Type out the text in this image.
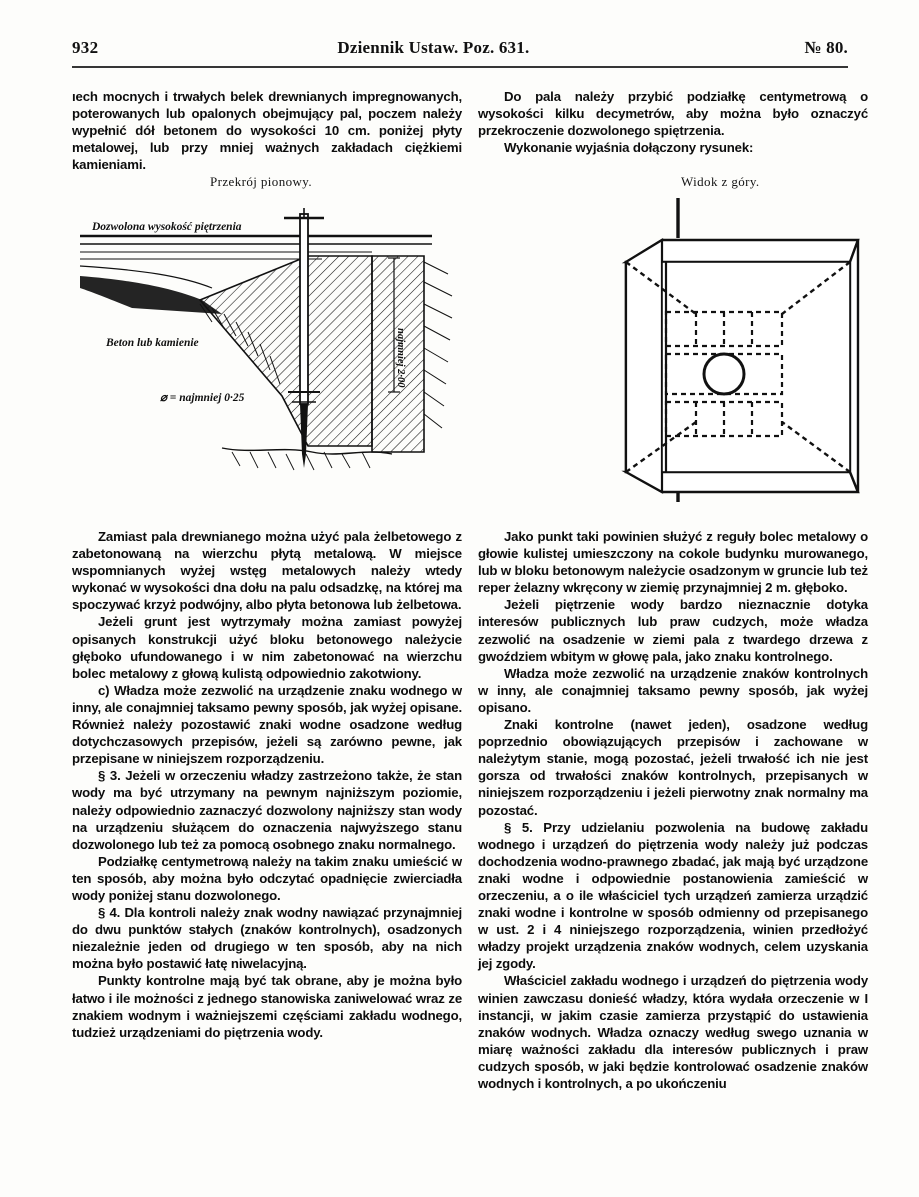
932	Dziennik Ustaw. Poz. 631.	№ 80.

ıech mocnych i trwałych belek drewnianych impregnowanych, poterowanych lub opalonych obejmujący pal, poczem należy wypełnić dół betonem do wysokości 10 cm. poniżej płyty metalowej, lub przy mniej ważnych zakładach ciężkiemi kamieniami.

Do pala należy przybić podziałkę centymetrową o wysokości kilku decymetrów, aby można było oznaczyć przekroczenie dozwolonego spiętrzenia.

Wykonanie wyjaśnia dołączony rysunek:

Przekrój pionowy.	Widok z góry.
Dozwolona wysokość piętrzenia
Beton lub kamienie
⌀ = najmniej 0·25
najmniej 2·00

Zamiast pala drewnianego można użyć pala żelbetowego z zabetonowaną na wierzchu płytą metalową. W miejsce wspomnianych wyżej wstęg metalowych należy wtedy wykonać w wysokości dna dołu na palu odsadzkę, na której ma spoczywać krzyż podwójny, albo płyta betonowa lub żelbetowa.

Jeżeli grunt jest wytrzymały można zamiast powyżej opisanych konstrukcji użyć bloku betonowego należycie głęboko ufundowanego i w nim zabetonować na wierzchu bolec metalowy z głową kulistą odpowiednio zakotwiony.

c) Władza może zezwolić na urządzenie znaku wodnego w inny, ale conajmniej taksamo pewny sposób, jak wyżej opisane. Również należy pozostawić znaki wodne osadzone według dotychczasowych przepisów, jeżeli są zarówno pewne, jak przepisane w niniejszem rozporządzeniu.

§ 3. Jeżeli w orzeczeniu władzy zastrzeżono także, że stan wody ma być utrzymany na pewnym najniższym poziomie, należy odpowiednio zaznaczyć dozwolony najniższy stan wody na urządzeniu służącem do oznaczenia najwyższego stanu dozwolonego lub też za pomocą osobnego znaku normalnego.

Podziałkę centymetrową należy na takim znaku umieścić w ten sposób, aby można było odczytać opadnięcie zwierciadła wody poniżej stanu dozwolonego.

§ 4. Dla kontroli należy znak wodny nawiązać przynajmniej do dwu punktów stałych (znaków kontrolnych), osadzonych niezależnie jeden od drugiego w ten sposób, aby na nich można było postawić łatę niwelacyjną.

Punkty kontrolne mają być tak obrane, aby je można było łatwo i ile możności z jednego stanowiska zaniwelować wraz ze znakiem wodnym i ważniejszemi częściami zakładu wodnego, tudzież urządzeniami do piętrzenia wody.

Jako punkt taki powinien służyć z reguły bolec metalowy o głowie kulistej umieszczony na cokole budynku murowanego, lub w bloku betonowym należycie osadzonym w gruncie lub też reper żelazny wkręcony w ziemię przynajmniej 2 m. głęboko.

Jeżeli piętrzenie wody bardzo nieznacznie dotyka interesów publicznych lub praw cudzych, może władza zezwolić na osadzenie w ziemi pala z twardego drzewa z gwoździem wbitym w głowę pala, jako znaku kontrolnego.

Władza może zezwolić na urządzenie znaków kontrolnych w inny, ale conajmniej taksamo pewny sposób, jak wyżej opisano.

Znaki kontrolne (nawet jeden), osadzone według poprzednio obowiązujących przepisów i zachowane w należytym stanie, mogą pozostać, jeżeli trwałość ich nie jest gorsza od trwałości znaków kontrolnych, przepisanych w niniejszem rozporządzeniu i jeżeli pierwotny znak normalny ma pozostać.

§ 5. Przy udzielaniu pozwolenia na budowę zakładu wodnego i urządzeń do piętrzenia wody należy już podczas dochodzenia wodno-prawnego zbadać, jak mają być urządzone znaki wodne i odpowiednie postanowienia zamieścić w orzeczeniu, a o ile właściciel tych urządzeń zamierza urządzić znaki wodne i kontrolne w sposób odmienny od przepisanego w ust. 2 i 4 niniejszego rozporządzenia, winien przedłożyć władzy projekt urządzenia znaków wodnych, celem uzyskania jej zgody.

Właściciel zakładu wodnego i urządzeń do piętrzenia wody winien zawczasu donieść władzy, która wydała orzeczenie w I instancji, w jakim czasie zamierza przystąpić do ustawienia znaków wodnych. Władza oznaczy według swego uznania w miarę ważności zakładu dla interesów publicznych i praw cudzych sposób, w jaki będzie kontrolować osadzenie znaków wodnych i kontrolnych, a po ukończeniu
